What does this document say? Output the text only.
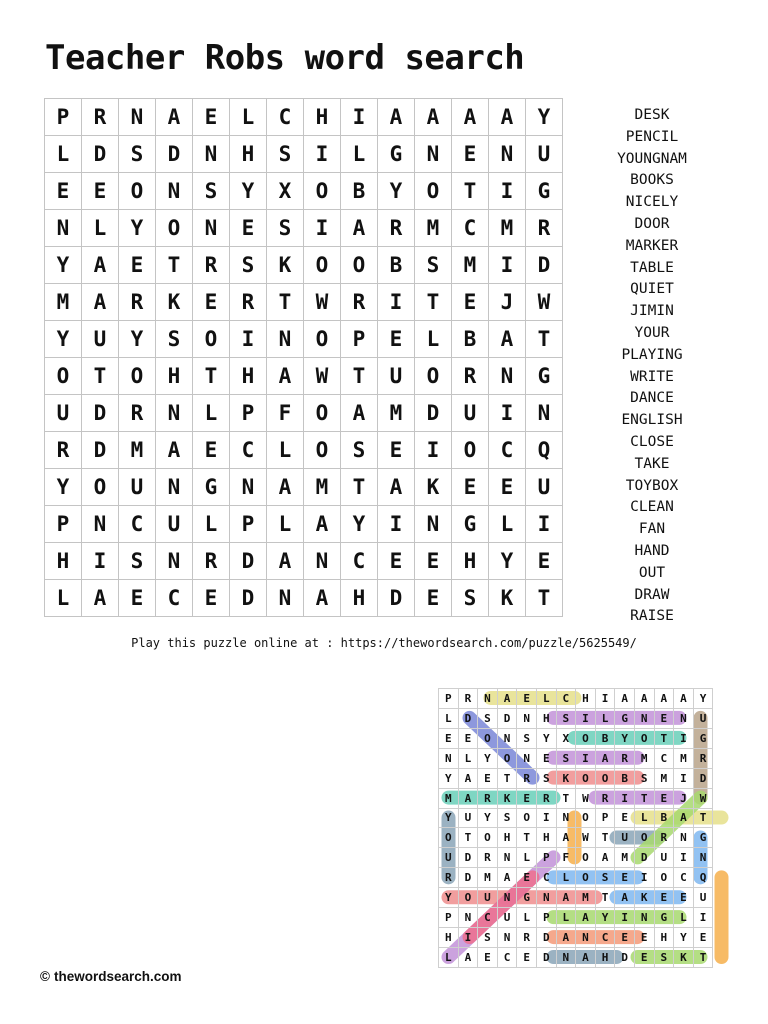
Teacher Robs word search
P	R	N	A	E	L	C	H	I	A	A	A	A	Y
L	D	S	D	N	H	S	I	L	G	N	E	N	U
E	E	O	N	S	Y	X	O	B	Y	O	T	I	G
N	L	Y	O	N	E	S	I	A	R	M	C	M	R
Y	A	E	T	R	S	K	O	O	B	S	M	I	D
M	A	R	K	E	R	T	W	R	I	T	E	J	W
Y	U	Y	S	O	I	N	O	P	E	L	B	A	T
O	T	O	H	T	H	A	W	T	U	O	R	N	G
U	D	R	N	L	P	F	O	A	M	D	U	I	N
R	D	M	A	E	C	L	O	S	E	I	O	C	Q
Y	O	U	N	G	N	A	M	T	A	K	E	E	U
P	N	C	U	L	P	L	A	Y	I	N	G	L	I
H	I	S	N	R	D	A	N	C	E	E	H	Y	E
L	A	E	C	E	D	N	A	H	D	E	S	K	T
DESK
PENCIL
YOUNGNAM
BOOKS
NICELY
DOOR
MARKER
TABLE
QUIET
JIMIN
YOUR
PLAYING
WRITE
DANCE
ENGLISH
CLOSE
TAKE
TOYBOX
CLEAN
FAN
HAND
OUT
DRAW
RAISE
Play this puzzle online at : https://thewordsearch.com/puzzle/5625549/
P	R	N	A	E	L	C	H	I	A	A	A	A	Y
L	D	S	D	N	H	S	I	L	G	N	E	N	U
E	E	O	N	S	Y	X	O	B	Y	O	T	I	G
N	L	Y	O	N	E	S	I	A	R	M	C	M	R
Y	A	E	T	R	S	K	O	O	B	S	M	I	D
M	A	R	K	E	R	T	W	R	I	T	E	J	W
Y	U	Y	S	O	I	N	O	P	E	L	B	A	T
O	T	O	H	T	H	A	W	T	U	O	R	N	G
U	D	R	N	L	P	F	O	A	M	D	U	I	N
R	D	M	A	E	C	L	O	S	E	I	O	C	Q
Y	O	U	N	G	N	A	M	T	A	K	E	E	U
P	N	C	U	L	P	L	A	Y	I	N	G	L	I
H	I	S	N	R	D	A	N	C	E	E	H	Y	E
L	A	E	C	E	D	N	A	H	D	E	S	K	T
© thewordsearch.com
